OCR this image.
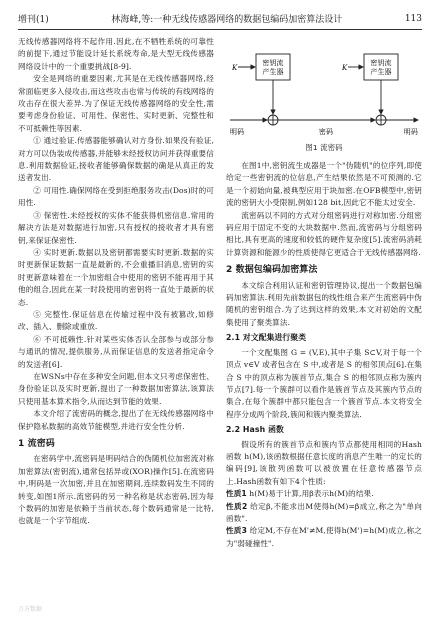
增刊(1)	林海峰,等:一种无线传感器网络的数据包编码加密算法设计	113

无线传感器网络将不起作用.因此,在不牺牲系统的可靠性的前提下,通过节能设计延长系统寿命,是大型无线传感器网络设计中的一个重要挑战[8-9].

安全是网络的重要因素,尤其是在无线传感器网络,经常面临更多入侵攻击,而这些攻击也常与传统的有线网络的攻击存在很大差异.为了保证无线传感器网络的安全性,需要考虑身份验证、可用性、保密性、实时更新、完整性和不可抵赖性等因素.

① 通过验证.传感器能够确认对方身份.如果没有验证,对方可以伪装成传感器,并能够未经授权访问并获得重要信息.利用数据验证,接收者能够确保数据的确是从真正的发送者发出.

② 可用性.确保网络在受到拒绝服务攻击(Dos)时的可用性.

③ 保密性.未经授权的实体不能获得机密信息.常用的解决方法是对数据进行加密,只有授权的接收者才具有密钥,来保证保密性.

④ 实时更新.数据以及密钥都需要实时更新.数据的实时更新保证数据一直是最新的,不会重播旧消息,密钥的实时更新意味着在一个加密组合中使用的密钥不能再用于其他的组合,因此在某一时段使用的密钥将一直处于最新的状态.

⑤ 完整性.保证信息在传输过程中没有被篡改,如修改、插入、删除或重放.

⑥ 不可抵赖性.针对某些实体否认全部参与或部分参与通讯的情况,提供服务,从而保证信息的发送者指定命令的发送者[6].

在WSNs中存在多种安全问题,但本文只考虑保密性、身份验证以及实时更新,提出了一种数据加密算法,该算法只使用基本算术指令,从而达到节能的效果.

本文介绍了流密码的概念,提出了在无线传感器网络中保护隐私数据的高效节能模型,并进行安全性分析.

1 流密码

在密码学中,流密码是明码结合的伪随机位加密流对称加密算法(密钥流),通常包括异或(XOR)操作[5].在流密码中,明码是一次加密,并且在加密期间,连续数码发生不同的转变,如图1所示.流密码的另一种名称是状态密码,因为每个数码的加密是依赖于当前状态,每个数码通常是一比特,也就是一个字节组成.

密钥流产生器
K
密钥流产生器
K
明码	密码	明码
图1 流密码

在图1中,密钥流生成器是一个"伪随机"的位序列,即使给定一些密钥流的位信息,产生结果依然是不可预测的.它是一个初始向量,被典型应用于块加密.在OFB模型中,密钥流的密钥大小受限制,例如128 bit,因此它不能太过安全.

流密码以不同的方式对分组密码进行对称加密.分组密码应用于固定不变的大块数据中.然而,流密码与分组密码相比,具有更高的速度和较低的硬件复杂度[5].流密码消耗计算资源和能源少的性质使得它更适合于无线传感器网络.

2 数据包编码加密算法

本文综合利用认证和密钥管理协议,提出一个数据包编码加密算法.利用先前数据包的线性组合来产生流密码中伪随机的密钥组合.为了达到这样的效果,本文对初始的文配集使用了聚类算法.

2.1 对文配集进行聚类

一个文配集图 G = (V,E),其中子集 S⊂V,对于每一个顶点 v∈V 或者包含在 S 中,或者是 S 的相邻顶点[6].在集合 S 中的顶点称为簇首节点,集合 S 的相邻顶点称为簇内节点[7].每一个簇群可以看作是簇首节点及其簇内节点的集合,在每个簇群中都只能包含一个簇首节点.本文将安全程序分成两个阶段,簇间和簇内聚类算法.

2.2 Hash 函数

假设所有的簇首节点和簇内节点都使用相同的Hash函数 h(M),该函数根据任意长度的消息产生唯一的定长的编码[9],该散列函数可以被放置在任意传感器节点上.Hash函数有如下4个性质:

性质1 h(M)易于计算,用β表示h(M)的结果.

性质2 给定β,不能求出M使得h(M)=β成立,称之为"单向函数".

性质3 给定M,不存在M'≠M,使得h(M')=h(M)成立,称之为"弱碰撞性".

万方数据
